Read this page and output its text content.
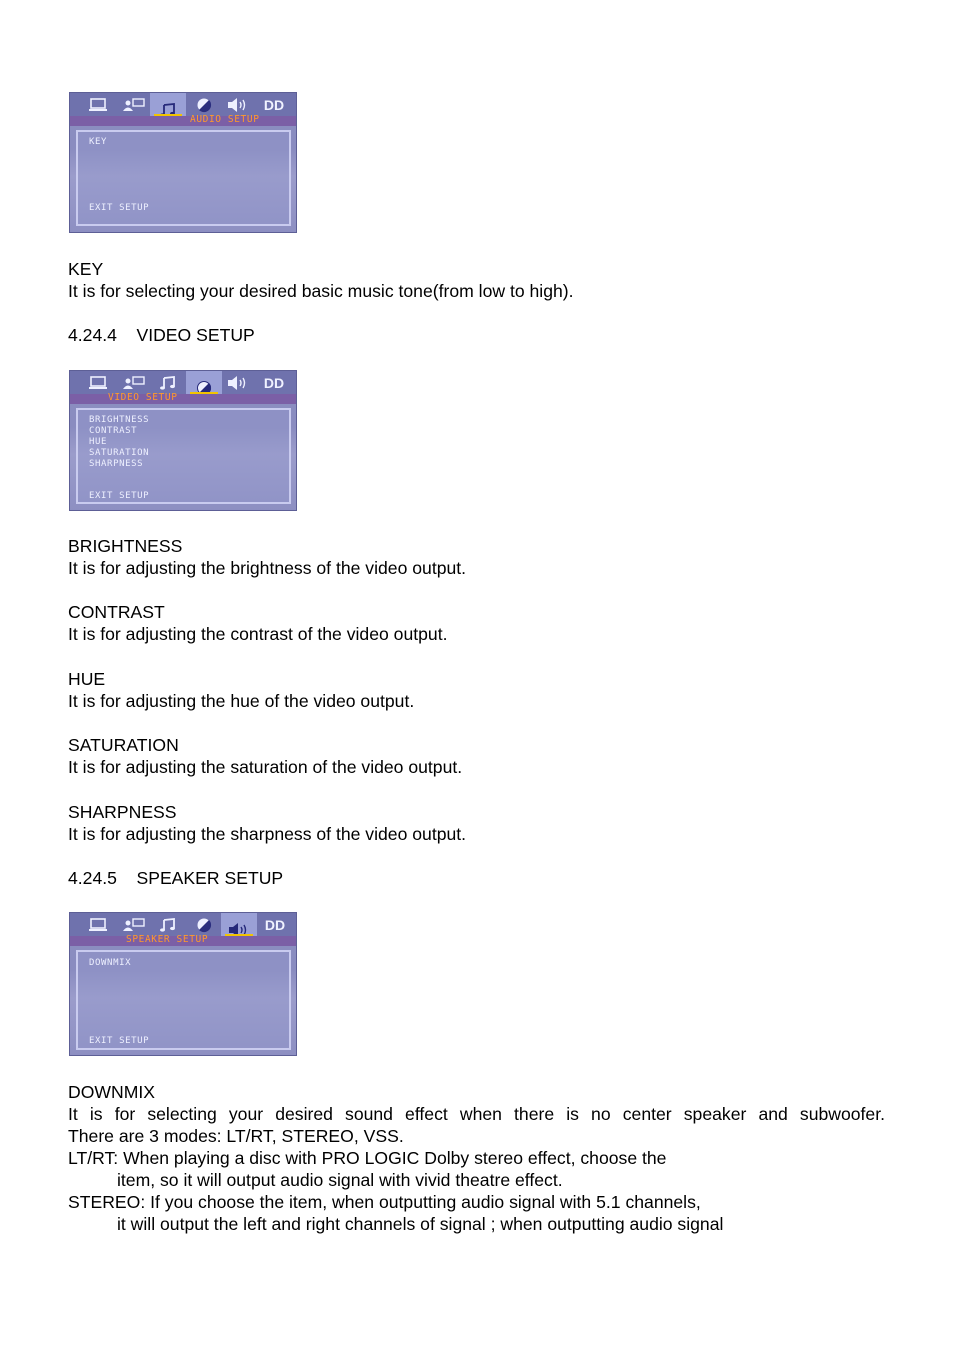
DD
AUDIO SETUP
KEY
EXIT SETUP
KEY
It is for selecting your desired basic music tone(from low to high).
4.24.4    VIDEO SETUP
DD
VIDEO SETUP
BRIGHTNESS
CONTRAST
HUE
SATURATION
SHARPNESS
EXIT SETUP
BRIGHTNESS
It is for adjusting the brightness of the video output.
CONTRAST
It is for adjusting the contrast of the video output.
HUE
It is for adjusting the hue of the video output.
SATURATION
It is for adjusting the saturation of the video output.
SHARPNESS
It is for adjusting the sharpness of the video output.
4.24.5    SPEAKER SETUP
DD
SPEAKER SETUP
DOWNMIX
EXIT SETUP
DOWNMIX
It is for selecting your desired sound effect when there is no center speaker and subwoofer.
There are 3 modes: LT/RT, STEREO, VSS.
LT/RT: When playing a disc with PRO LOGIC Dolby stereo effect, choose the
item, so it will output audio signal with vivid theatre effect.
STEREO: If you choose the item, when outputting audio signal with 5.1 channels,
it will output the left and right channels of signal ; when outputting audio signal
